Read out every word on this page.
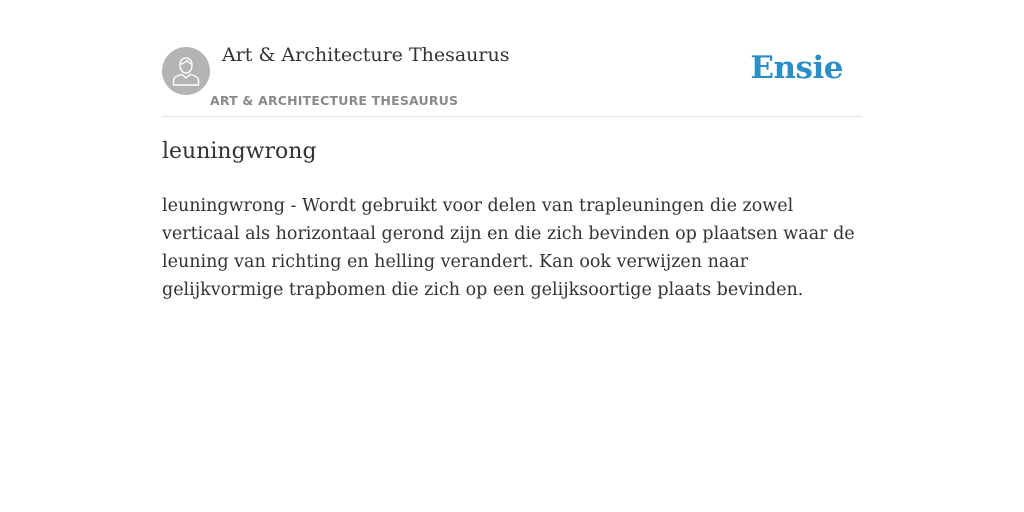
Art & Architecture Thesaurus
ART & ARCHITECTURE THESAURUS
Ensie
leuningwrong

leuningwrong - Wordt gebruikt voor delen van trapleuningen die zowel verticaal als horizontaal gerond zijn en die zich bevinden op plaatsen waar de leuning van richting en helling verandert. Kan ook verwijzen naar gelijkvormige trapbomen die zich op een gelijksoortige plaats bevinden.
